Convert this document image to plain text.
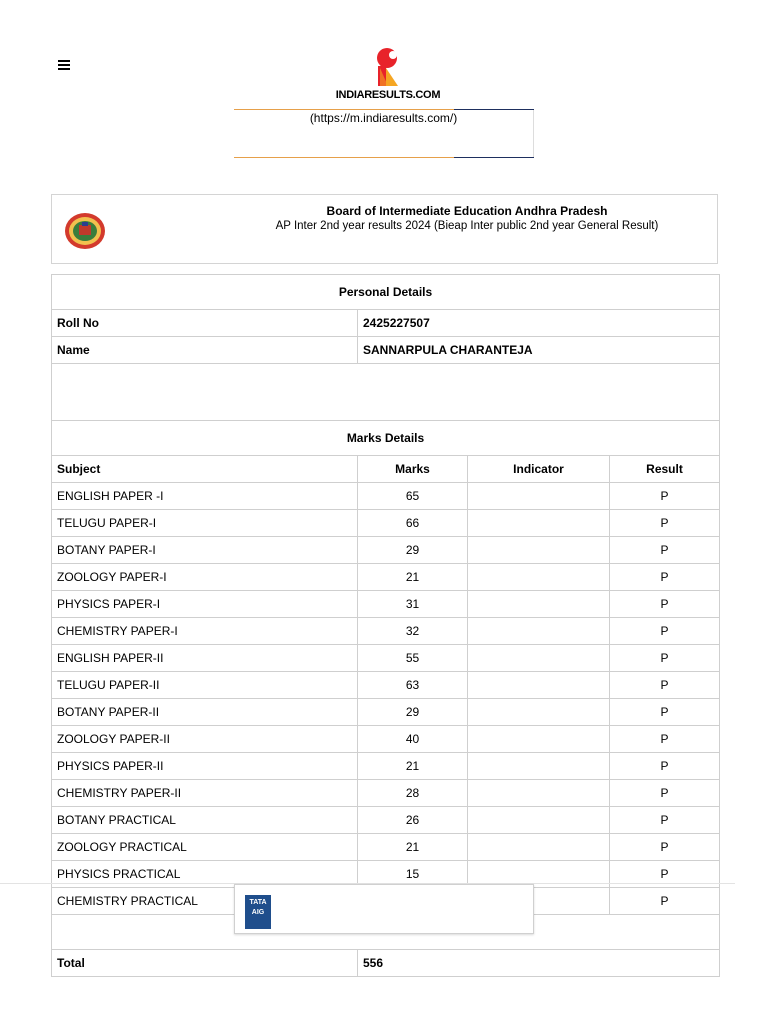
INDIARESULTS.COM
(https://m.indiaresults.com/)
Board of Intermediate Education Andhra Pradesh
AP Inter 2nd year results 2024 (Bieap Inter public 2nd year General Result)
Personal Details			
Roll No	2425227507		
Name	SANNARPULA CHARANTEJA		

Marks Details			
Subject	Marks	Indicator	Result
ENGLISH PAPER -I	65		P
TELUGU PAPER-I	66		P
BOTANY PAPER-I	29		P
ZOOLOGY PAPER-I	21		P
PHYSICS PAPER-I	31		P
CHEMISTRY PAPER-I	32		P
ENGLISH PAPER-II	55		P
TELUGU PAPER-II	63		P
BOTANY PAPER-II	29		P
ZOOLOGY PAPER-II	40		P
PHYSICS PAPER-II	21		P
CHEMISTRY PAPER-II	28		P
BOTANY PRACTICAL	26		P
ZOOLOGY PRACTICAL	21		P
PHYSICS PRACTICAL	15		P
CHEMISTRY PRACTICAL			P

Total	556		
TATA AIG
